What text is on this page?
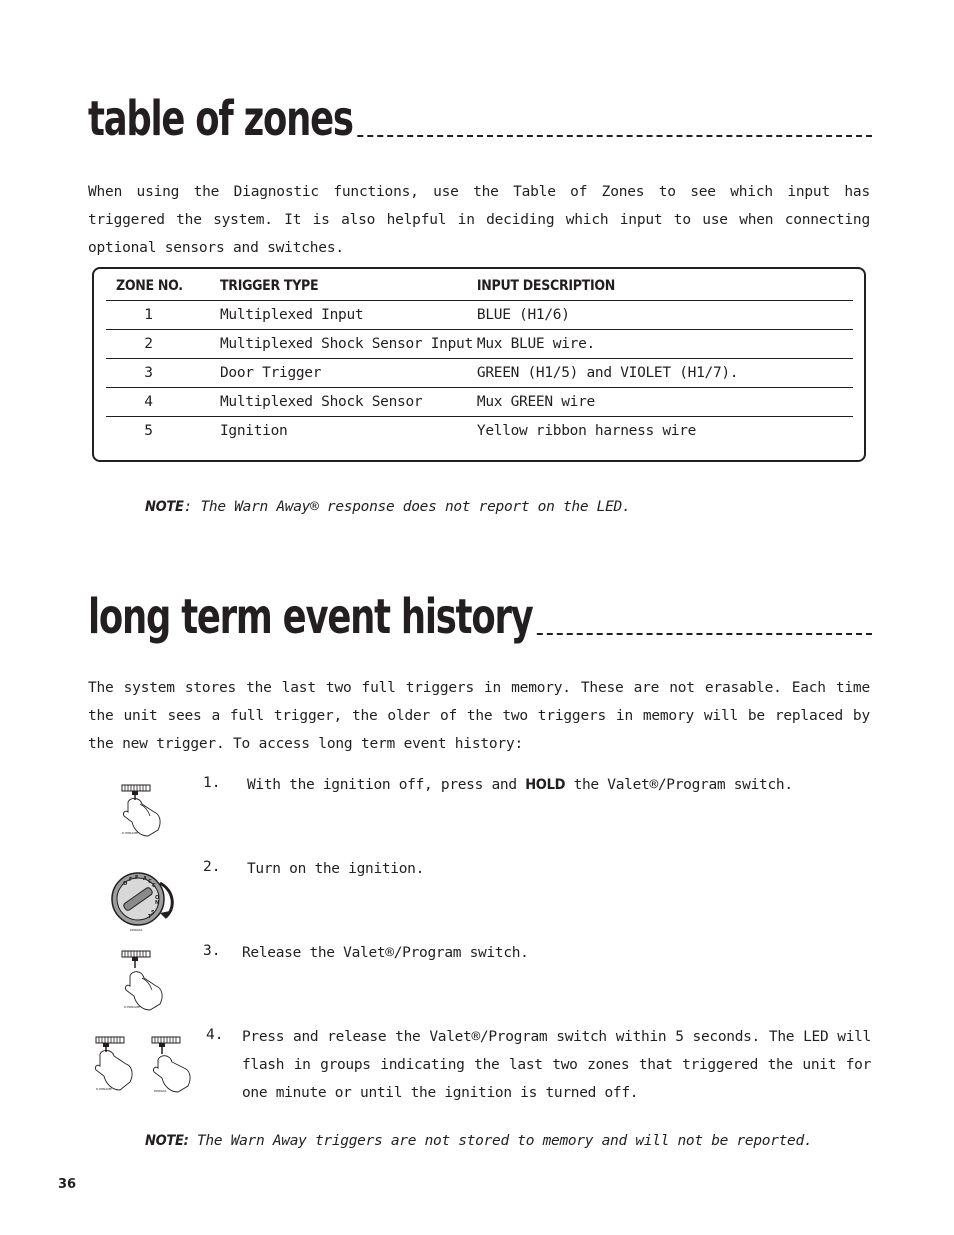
table of zones

When using the Diagnostic functions, use the Table of Zones to see which input has triggered the system. It is also helpful in deciding which input to use when connecting optional sensors and switches.

ZONE NO.	TRIGGER TYPE	INPUT DESCRIPTION
1	Multiplexed Input	BLUE (H1/6)
2	Multiplexed Shock Sensor Input	Mux BLUE wire.
3	Door Trigger	GREEN (H1/5) and VIOLET (H1/7).
4	Multiplexed Shock Sensor	Mux GREEN wire
5	Ignition	Yellow ribbon harness wire
NOTE: The Warn Away® response does not report on the LED.
long term event history

The system stores the last two full triggers in memory. These are not erasable. Each time the unit sees a full trigger, the older of the two triggers in memory will be replaced by the new trigger. To access long term event history:

D·PRNAME
1. With the ignition off, press and HOLD the Valet®/Program switch.
O
F F A C
C
O
N
S
T
DPRNAS
2. Turn on the ignition.
D·PRNAME
3. Release the Valet®/Program switch.
D·PRNAME	DPRNAS
4. Press and release the Valet®/Program switch within 5 seconds. The LED will flash in groups indicating the last two zones that triggered the unit for one minute or until the ignition is turned off.
NOTE: The Warn Away triggers are not stored to memory and will not be reported.
36
